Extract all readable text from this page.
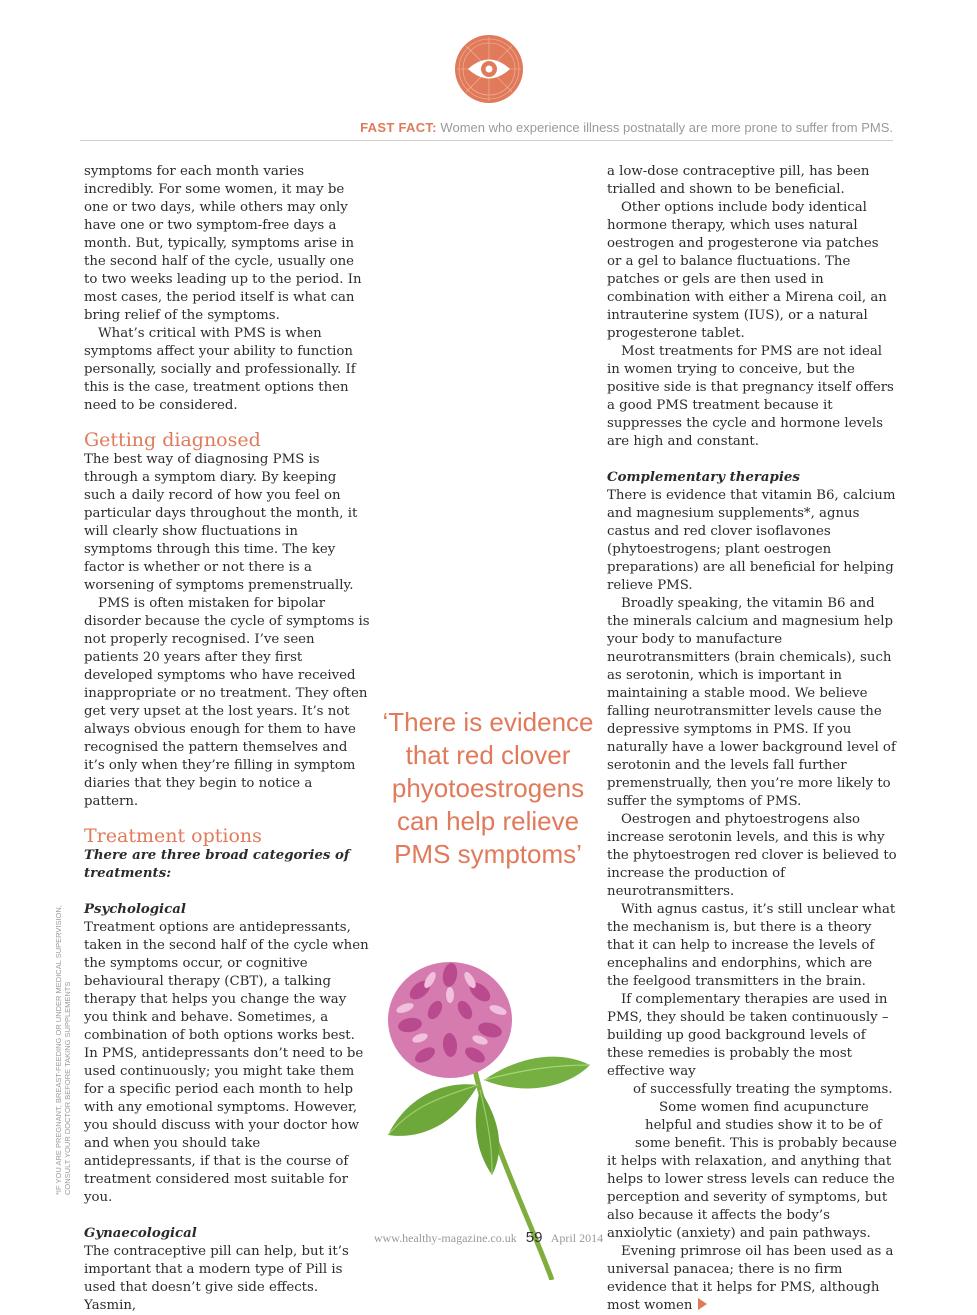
FAST FACT: Women who experience illness postnatally are more prone to suffer from PMS.

symptoms for each month varies incredibly. For some women, it may be one or two days, while others may only have one or two symptom-free days a month. But, typically, symptoms arise in the second half of the cycle, usually one to two weeks leading up to the period. In most cases, the period itself is what can bring relief of the symptoms.

What’s critical with PMS is when symptoms affect your ability to function personally, socially and professionally. If this is the case, treatment options then need to be considered.

Getting diagnosed

The best way of diagnosing PMS is through a symptom diary. By keeping such a daily record of how you feel on particular days throughout the month, it will clearly show fluctuations in symptoms through this time. The key factor is whether or not there is a worsening of symptoms premenstrually.

PMS is often mistaken for bipolar disorder because the cycle of symptoms is not properly recognised. I’ve seen patients 20 years after they first developed symptoms who have received inappropriate or no treatment. They often get very upset at the lost years. It’s not always obvious enough for them to have recognised the pattern themselves and it’s only when they’re filling in symptom diaries that they begin to notice a pattern.

Treatment options
There are three broad categories of treatments:
Psychological

Treatment options are antidepressants, taken in the second half of the cycle when the symptoms occur, or cognitive behavioural therapy (CBT), a talking therapy that helps you change the way you think and behave. Sometimes, a combination of both options works best. In PMS, antidepressants don’t need to be used continuously; you might take them for a specific period each month to help with any emotional symptoms. However, you should discuss with your doctor how and when you should take antidepressants, if that is the course of treatment considered most suitable for you.

Gynaecological

The contraceptive pill can help, but it’s important that a modern type of Pill is used that doesn’t give side effects. Yasmin,

‘There is evidence that red clover phyotoestrogens can help relieve PMS symptoms’

a low-dose contraceptive pill, has been trialled and shown to be beneficial.

Other options include body identical hormone therapy, which uses natural oestrogen and progesterone via patches or a gel to balance fluctuations. The patches or gels are then used in combination with either a Mirena coil, an intrauterine system (IUS), or a natural progesterone tablet.

Most treatments for PMS are not ideal in women trying to conceive, but the positive side is that pregnancy itself offers a good PMS treatment because it suppresses the cycle and hormone levels are high and constant.

Complementary therapies

There is evidence that vitamin B6, calcium and magnesium supplements*, agnus castus and red clover isoflavones (phytoestrogens; plant oestrogen preparations) are all beneficial for helping relieve PMS.

Broadly speaking, the vitamin B6 and the minerals calcium and magnesium help your body to manufacture neurotransmitters (brain chemicals), such as serotonin, which is important in maintaining a stable mood. We believe falling neurotransmitter levels cause the depressive symptoms in PMS. If you naturally have a lower background level of serotonin and the levels fall further premenstrually, then you’re more likely to suffer the symptoms of PMS.

Oestrogen and phytoestrogens also increase serotonin levels, and this is why the phytoestrogen red clover is believed to increase the production of neurotransmitters.

With agnus castus, it’s still unclear what the mechanism is, but there is a theory that it can help to increase the levels of encephalins and endorphins, which are the feelgood transmitters in the brain.

If complementary therapies are used in PMS, they should be taken continuously – building up good background levels of these remedies is probably the most effective way

of successfully treating the symptoms.

Some women find acupuncture

helpful and studies show it to be of

some benefit. This is probably because

it helps with relaxation, and anything that helps to lower stress levels can reduce the perception and severity of symptoms, but also because it affects the body’s anxiolytic (anxiety) and pain pathways.

Evening primrose oil has been used as a universal panacea; there is no firm evidence that it helps for PMS, although most women

*IF YOU ARE PREGNANT, BREAST-FEEDING OR UNDER MEDICAL SUPERVISION, CONSULT YOUR DOCTOR BEFORE TAKING SUPPLEMENTS
www.healthy-magazine.co.uk 59 April 2014
